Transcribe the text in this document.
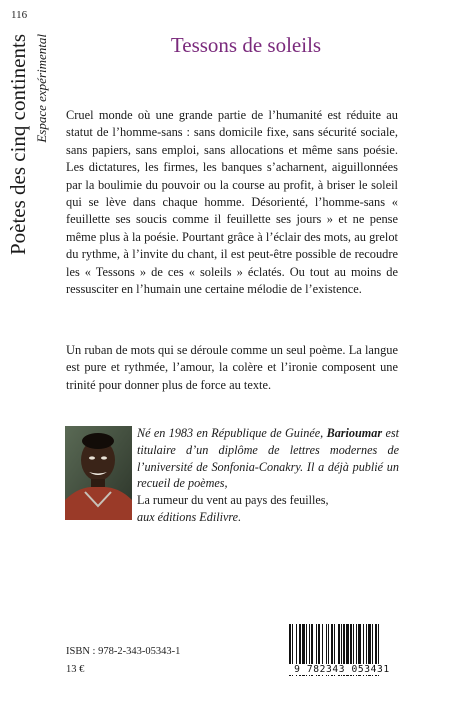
116
Poètes des cinq continents Espace expérimental	Tessons de soleils

Cruel monde où une grande partie de l’humanité est réduite au statut de l’homme-sans : sans domicile fixe, sans sécurité sociale, sans papiers, sans emploi, sans allocations et même sans poésie. Les dictatures, les firmes, les banques s’acharnent, aiguillonnées par la boulimie du pouvoir ou la course au profit, à briser le soleil qui se lève dans chaque homme. Désorienté, l’homme-sans « feuillette ses soucis comme il feuillette ses jours » et ne pense même plus à la poésie. Pourtant grâce à l’éclair des mots, au grelot du rythme, à l’invite du chant, il est peut-être possible de recoudre les « Tessons » de ces « soleils » éclatés. Ou tout au moins de ressusciter en l’humain une certaine mélodie de l’existence.

Un ruban de mots qui se déroule comme un seul poème. La langue est pure et rythmée, l’amour, la colère et l’ironie composent une trinité pour donner plus de force au texte.

Né en 1983 en République de Guinée, Barioumar est titulaire d’un diplôme de lettres modernes de l’université de Sonfonia-Conakry. Il a déjà publié un recueil de poèmes,
La rumeur du vent au pays des feuilles,
aux éditions Edilivre.

ISBN : 978-2-343-05343-1
13 €	9 782343 053431
